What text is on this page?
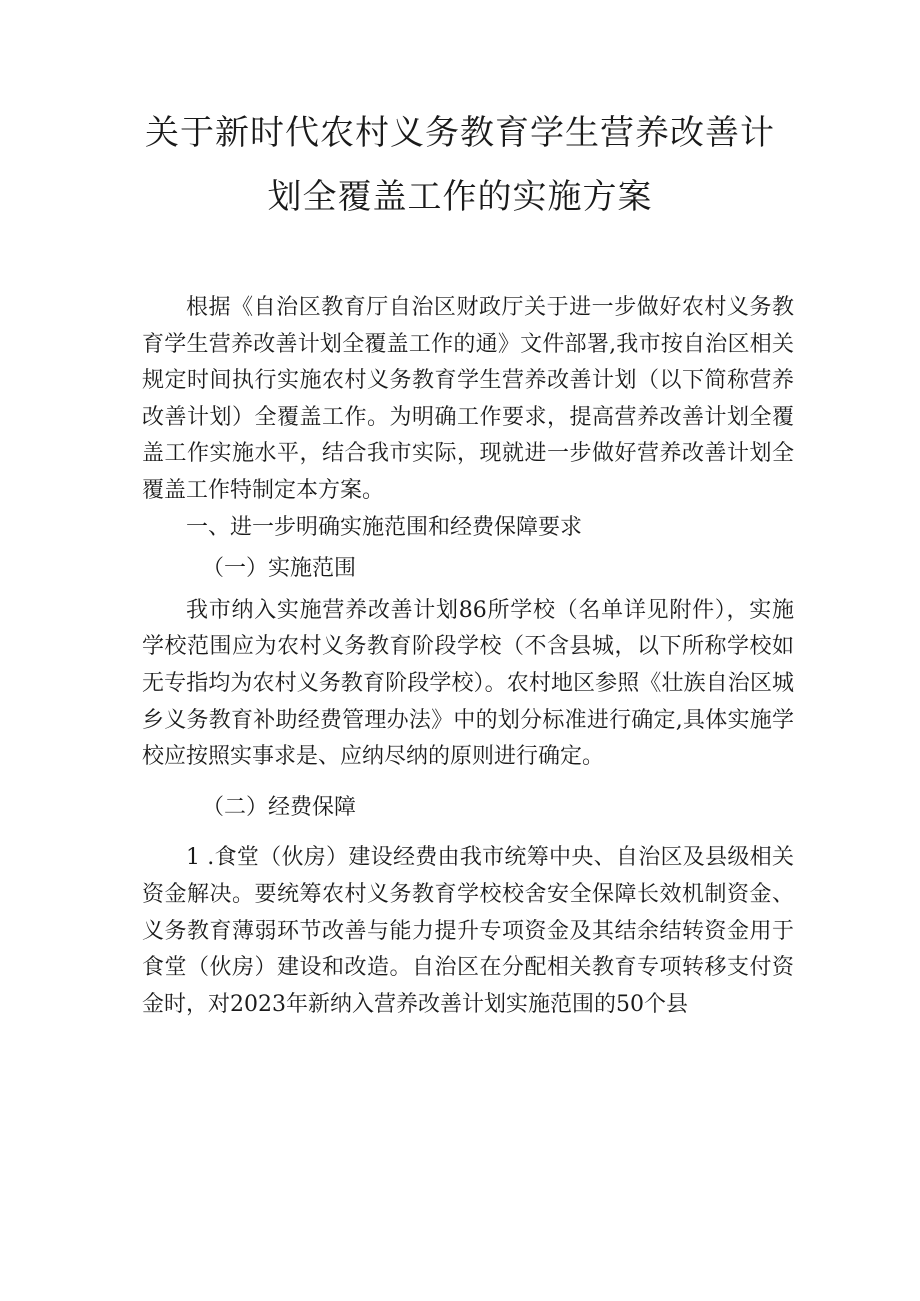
关于新时代农村义务教育学生营养改善计
划全覆盖工作的实施方案

根据《自治区教育厅自治区财政厅关于进一步做好农村义务教育学生营养改善计划全覆盖工作的通》文件部署,我市按自治区相关规定时间执行实施农村义务教育学生营养改善计划（以下简称营养改善计划）全覆盖工作。为明确工作要求，提高营养改善计划全覆盖工作实施水平，结合我市实际，现就进一步做好营养改善计划全覆盖工作特制定本方案。

一、进一步明确实施范围和经费保障要求

（一）实施范围

我市纳入实施营养改善计划86所学校（名单详见附件），实施学校范围应为农村义务教育阶段学校（不含县城，以下所称学校如无专指均为农村义务教育阶段学校）。农村地区参照《壮族自治区城乡义务教育补助经费管理办法》中的划分标准进行确定,具体实施学校应按照实事求是、应纳尽纳的原则进行确定。

（二）经费保障

1 .食堂（伙房）建设经费由我市统筹中央、自治区及县级相关资金解决。要统筹农村义务教育学校校舍安全保障长效机制资金、义务教育薄弱环节改善与能力提升专项资金及其结余结转资金用于食堂（伙房）建设和改造。自治区在分配相关教育专项转移支付资金时，对2023年新纳入营养改善计划实施范围的50个县
